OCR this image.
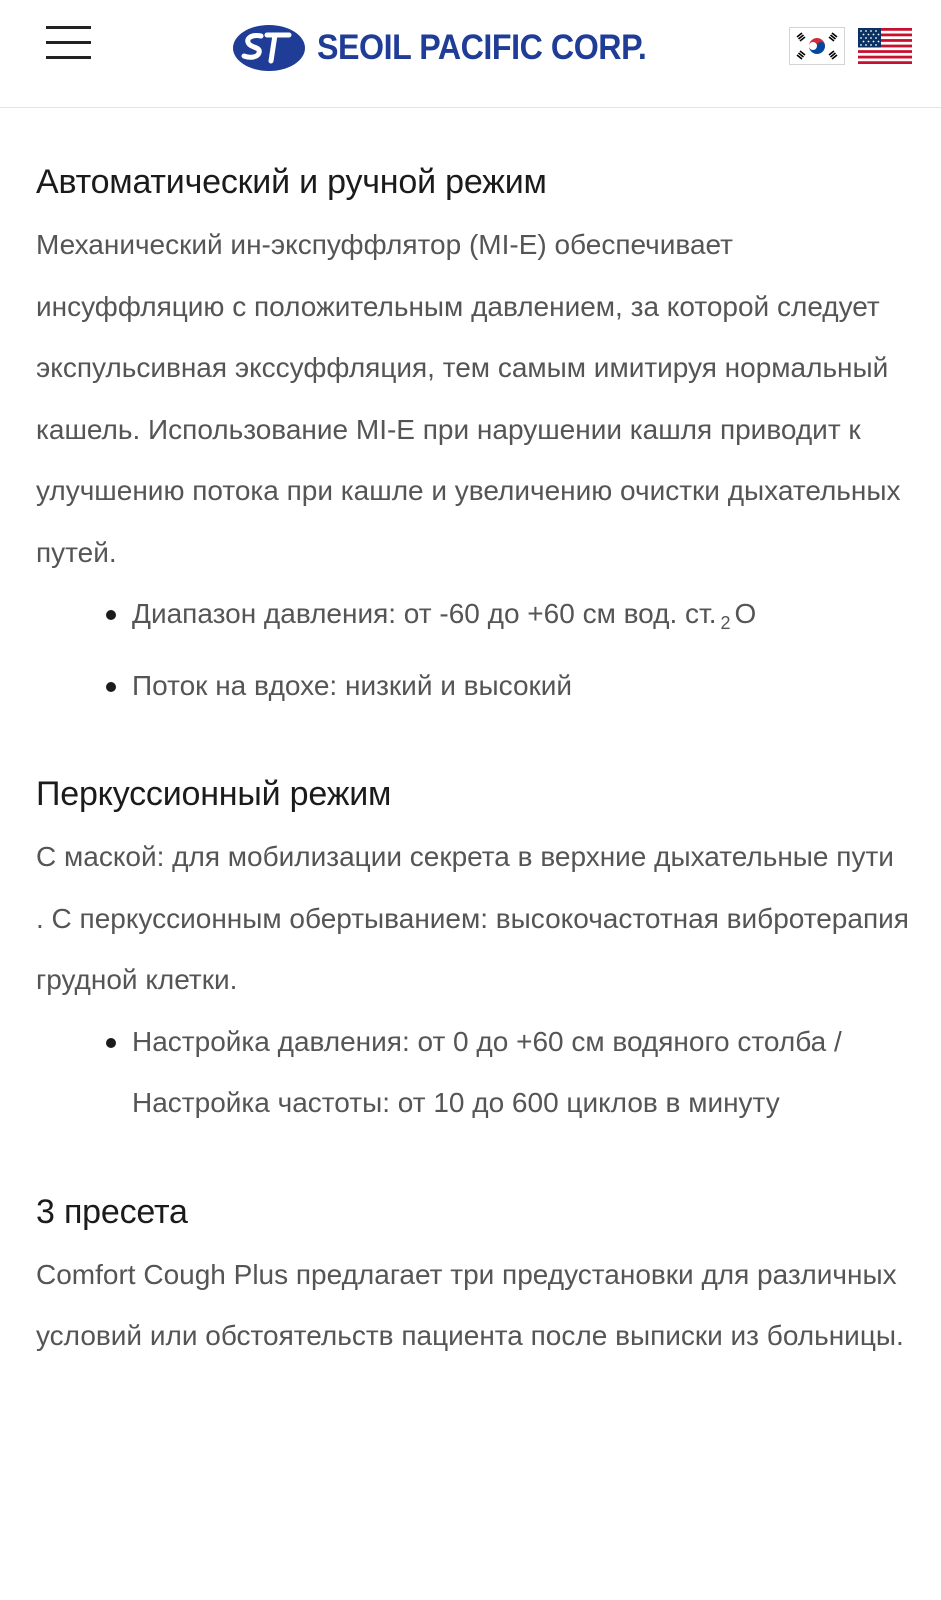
SEOIL PACIFIC CORP.
Автоматический и ручной режим

Механический ин-экспуффлятор (MI-E) обеспечивает инсуффляцию с положительным давлением, за которой следует экспульсивная экссуффляция, тем самым имитируя нормальный кашель. Использование MI-E при нарушении кашля приводит к улучшению потока при кашле и увеличению очистки дыхательных путей.

Диапазон давления: от -60 до +60 см вод. ст. $_2$ O
Поток на вдохе: низкий и высокий
Перкуссионный режим

С маской: для мобилизации секрета в верхние дыхательные пути

. С перкуссионным обертыванием: высокочастотная вибротерапия грудной клетки.

Настройка давления: от 0 до +60 см водяного столба / Настройка частоты: от 10 до 600 циклов в минуту
3 пресета

Comfort Cough Plus предлагает три предустановки для различных условий или обстоятельств пациента после выписки из больницы.
